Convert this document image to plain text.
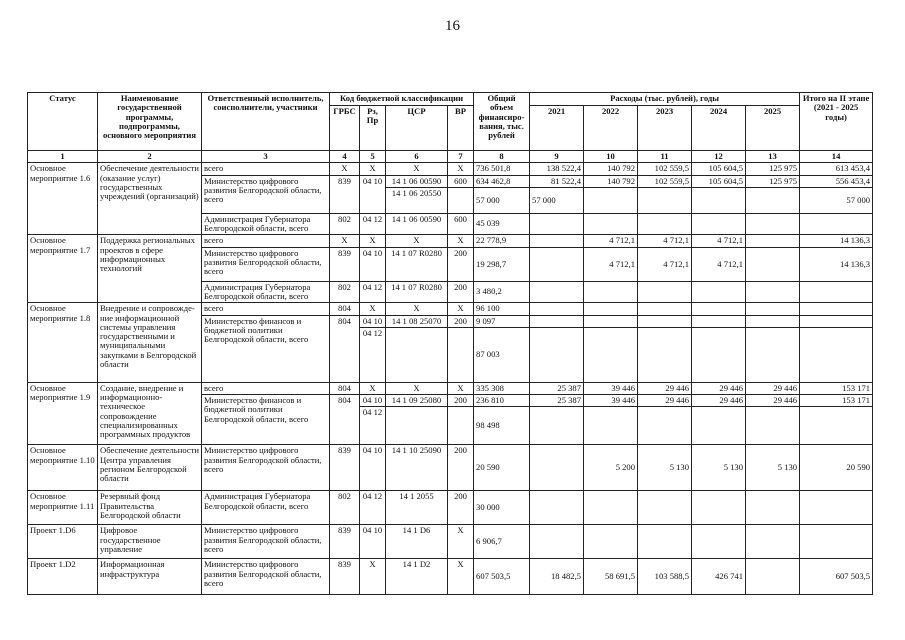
16
Статус	Наименование государственной программы, подпрограммы, основного мероприятия	Ответственный исполнитель, соисполнители, участники	Код бюджетной классификации				Общий объем финансиро-вания, тыс. рублей	Расходы (тыс. рублей), годы					Итого на II этапе (2021 - 2025 годы)
			ГРБС	Рз, Пр	ЦСР	ВР		2021	2022	2023	2024	2025	
1	2	3	4	5	6	7	8	9	10	11	12	13	14
Основное мероприятие 1.6	Обеспечение деятельности (оказание услуг) государственных учреждений (организаций)	всего	Х	Х	Х	Х	736 501,8	138 522,4	140 792	102 559,5	105 604,5	125 975	613 453,4
		Министерство цифрового развития Белгородской области, всего	839	04 10	14 1 06 00590	600	634 462,8	81 522,4	140 792	102 559,5	105 604,5	125 975	556 453,4
					14 1 06 20550		57 000	57 000					57 000
		Администрация Губернатора Белгородской области, всего	802	04 12	14 1 06 00590	600	45 039						
Основное мероприятие 1.7	Поддержка региональных проектов в сфере информационных технологий	всего	Х	Х	Х	Х	22 778,9		4 712,1	4 712,1	4 712,1		14 136,3
		Министерство цифрового развития Белгородской области, всего	839	04 10	14 1 07 R0280	200	19 298,7		4 712,1	4 712,1	4 712,1		14 136,3
		Администрация Губернатора Белгородской области, всего	802	04 12	14 1 07 R0280	200	3 480,2						
Основное мероприятие 1.8	Внедрение и сопровожде-ние информационной системы управления государственными и муниципальными закупками в Белгородской области	всего	804	Х	Х	Х	96 100						
		Министерство финансов и бюджетной политики Белгородской области, всего	804	04 10	14 1 08 25070	200	9 097						
				04 12			87 003						
Основное мероприятие 1.9	Создание, внедрение и информационно-техническое сопровождение специализированных программных продуктов	всего	804	Х	Х	Х	335 308	25 387	39 446	29 446	29 446	29 446	153 171
		Министерство финансов и бюджетной политики Белгородской области, всего	804	04 10	14 1 09 25080	200	236 810	25 387	39 446	29 446	29 446	29 446	153 171
				04 12			98 498						
Основное мероприятие 1.10	Обеспечение деятельности Центра управления регионом Белгородской области	Министерство цифрового развития Белгородской области, всего	839	04 10	14 1 10 25090	200	20 590		5 200	5 130	5 130	5 130	20 590
Основное мероприятие 1.11	Резервный фонд Правительства Белгородской области	Администрация Губернатора Белгородской области, всего	802	04 12	14 1 2055	200	30 000						
Проект 1.D6	Цифровое государственное управление	Министерство цифрового развития Белгородской области, всего	839	04 10	14 1 D6	Х	6 906,7						
Проект 1.D2	Информационная инфраструктура	Министерство цифрового развития Белгородской области, всего	839	Х	14 1 D2	Х	607 503,5	18 482,5	58 691,5	103 588,5	426 741		607 503,5
